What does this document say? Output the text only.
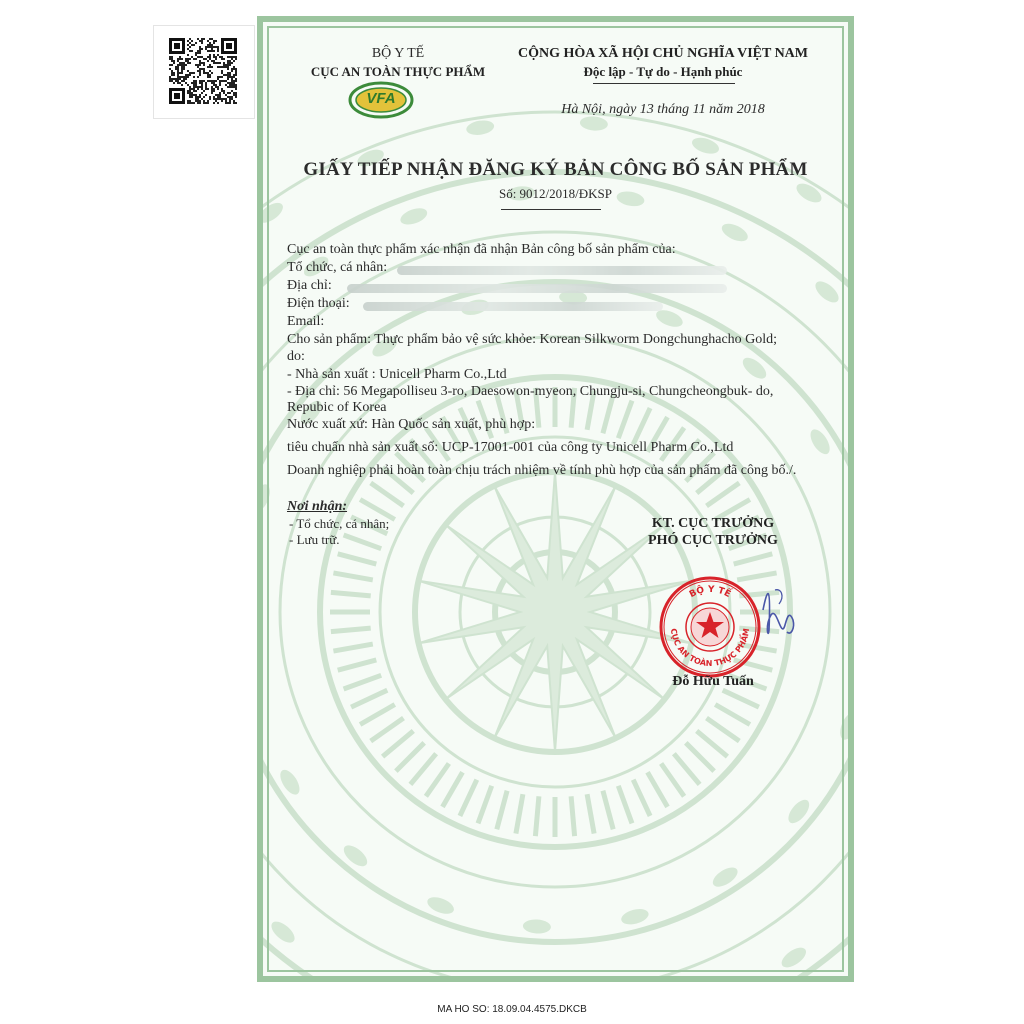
BỘ Y TẾ
CỤC AN TOÀN THỰC PHẨM
VFA
CỘNG HÒA XÃ HỘI CHỦ NGHĨA VIỆT NAM
Độc lập - Tự do - Hạnh phúc
Hà Nội, ngày 13 tháng 11 năm 2018
GIẤY TIẾP NHẬN ĐĂNG KÝ BẢN CÔNG BỐ SẢN PHẨM
Số: 9012/2018/ĐKSP
Cục an toàn thực phẩm xác nhận đã nhận Bản công bố sản phẩm của:
Tổ chức, cá nhân:
Địa chỉ:
Điện thoại:
Email:
Cho sản phẩm: Thực phẩm bảo vệ sức khỏe: Korean Silkworm Dongchunghacho Gold;
do:
- Nhà sản xuất : Unicell Pharm Co.,Ltd
- Địa chỉ: 56 Megapolliseu 3-ro, Daesowon-myeon, Chungju-si, Chungcheongbuk- do,
Repubic of Korea
Nước xuất xứ: Hàn Quốc sản xuất, phù hợp:
tiêu chuẩn nhà sản xuất số: UCP-17001-001 của công ty Unicell Pharm Co.,Ltd
Doanh nghiệp phải hoàn toàn chịu trách nhiệm về tính phù hợp của sản phẩm đã công bố./.
Nơi nhận:
- Tổ chức, cá nhân;
- Lưu trữ.
KT. CỤC TRƯỞNG
PHÓ CỤC TRƯỞNG
BỘ Y TẾ
CỤC AN TOÀN THỰC PHẨM
Đỗ Hữu Tuấn
MA HO SO: 18.09.04.4575.DKCB
